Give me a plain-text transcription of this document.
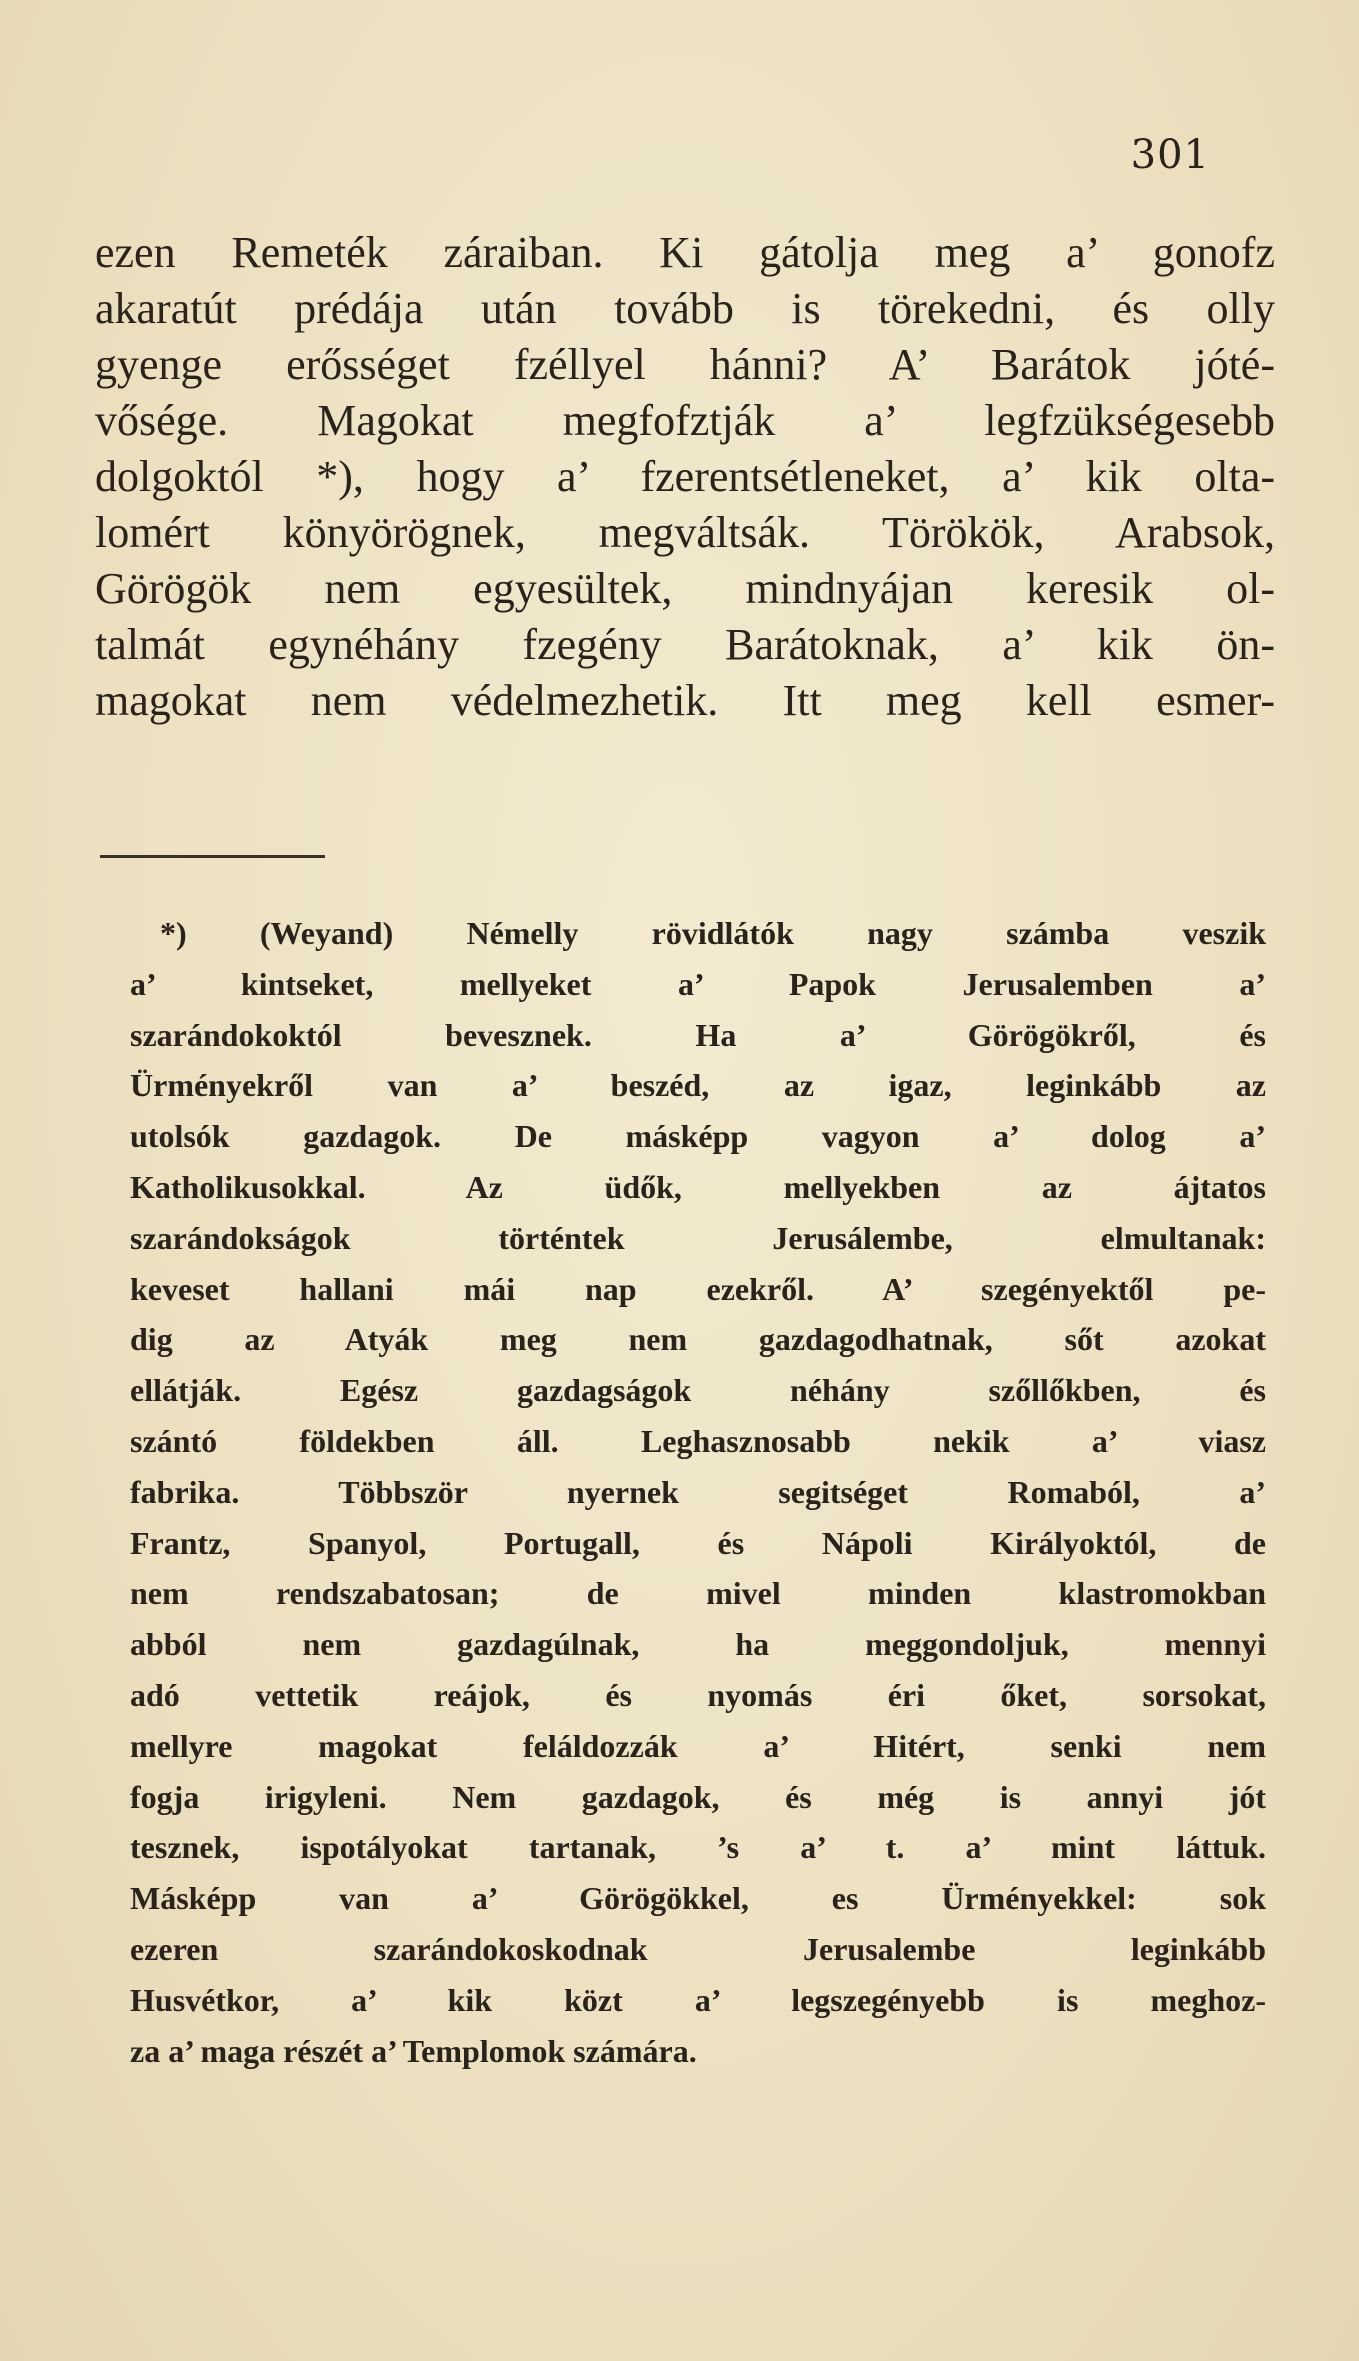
301
ezen Remeték záraiban. Ki gátolja meg a’ gonofz
akaratút prédája után tovább is törekedni, és olly
gyenge erősséget fzéllyel hánni? A’ Barátok jóté-
vősége. Magokat megfofztják a’ legfzükségesebb
dolgoktól *), hogy a’ fzerentsétleneket, a’ kik olta-
lomért könyörögnek, megváltsák. Törökök, Arabsok,
Görögök nem egyesültek, mindnyájan keresik ol-
talmát egynéhány fzegény Barátoknak, a’ kik ön-
magokat nem védelmezhetik. Itt meg kell esmer-
*) (Weyand) Némelly rövidlátók nagy számba veszik
a’ kintseket, mellyeket a’ Papok Jerusalemben a’
szarándokoktól bevesznek. Ha a’ Görögökről, és
Ürményekről van a’ beszéd, az igaz, leginkább az
utolsók gazdagok. De másképp vagyon a’ dolog a’
Katholikusokkal. Az üdők, mellyekben az ájtatos
szarándokságok történtek Jerusálembe, elmultanak:
keveset hallani mái nap ezekről. A’ szegényektől pe-
dig az Atyák meg nem gazdagodhatnak, sőt azokat
ellátják. Egész gazdagságok néhány szőllőkben, és
szántó földekben áll. Leghasznosabb nekik a’ viasz
fabrika. Többször nyernek segitséget Romaból, a’
Frantz, Spanyol, Portugall, és Nápoli Királyoktól, de
nem rendszabatosan; de mivel minden klastromokban
abból nem gazdagúlnak, ha meggondoljuk, mennyi
adó vettetik reájok, és nyomás éri őket, sorsokat,
mellyre magokat feláldozzák a’ Hitért, senki nem
fogja irigyleni. Nem gazdagok, és még is annyi jót
tesznek, ispotályokat tartanak, ’s a’ t. a’ mint láttuk.
Másképp van a’ Görögökkel, es Ürményekkel: sok
ezeren szarándokoskodnak Jerusalembe leginkább
Husvétkor, a’ kik közt a’ legszegényebb is meghoz-
za a’ maga részét a’ Templomok számára.
